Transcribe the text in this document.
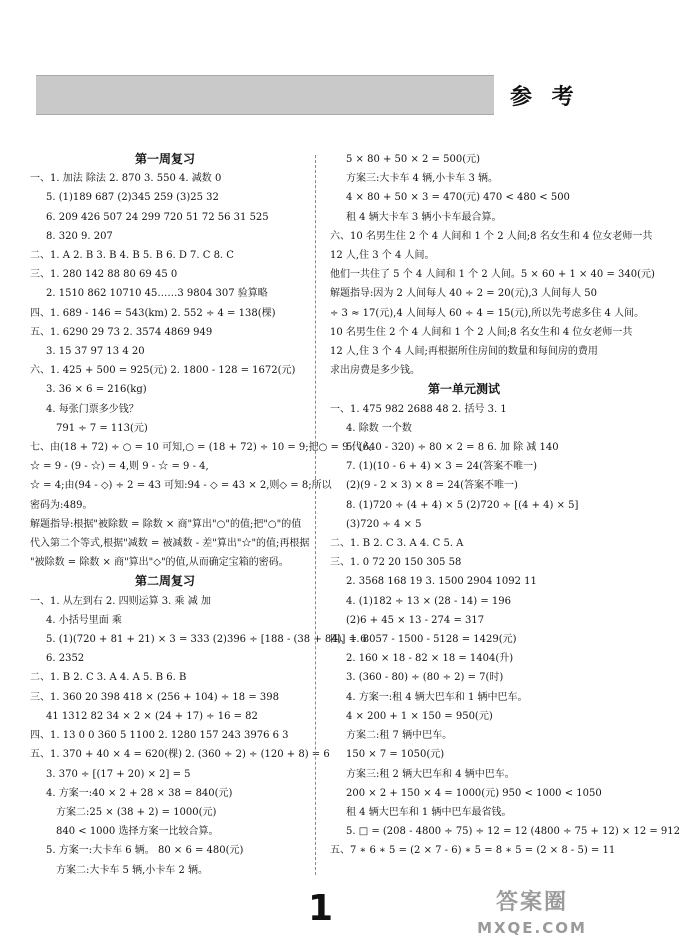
参 考
第一周复习
一、1. 加法 除法 2. 870 3. 550 4. 减数 0
5. (1)189 687 (2)345 259 (3)25 32
6. 209 426 507 24 299 720 51 72 56 31 525
8. 320 9. 207
二、1. A 2. B 3. B 4. B 5. B 6. D 7. C 8. C
三、1. 280 142 88 80 69 45 0
2. 1510 862 10710 45……3 9804 307 验算略
四、1. 689 - 146 = 543(km) 2. 552 ÷ 4 = 138(棵)
五、1. 6290 29 73 2. 3574 4869 949
3. 15 37 97 13 4 20
六、1. 425 + 500 = 925(元) 2. 1800 - 128 = 1672(元)
3. 36 × 6 = 216(kg)
4. 每张门票多少钱？
791 ÷ 7 = 113(元)
七、由(18 + 72) ÷ ○ = 10 可知,○ = (18 + 72) ÷ 10 = 9;把○ = 9 代入
☆ = 9 - (9 - ☆) = 4,则 9 - ☆ = 9 - 4,
☆ = 4;由(94 - ◇) ÷ 2 = 43 可知:94 - ◇ = 43 × 2,则◇ = 8;所以
密码为:489。
解题指导:根据"被除数 = 除数 × 商"算出"○"的值;把"○"的值
代入第二个等式,根据"减数 = 被减数 - 差"算出"☆"的值;再根据
"被除数 = 除数 × 商"算出"◇"的值,从而确定宝箱的密码。
第二周复习
一、1. 从左到右 2. 四则运算 3. 乘 减 加
4. 小括号里面 乘
5. (1)(720 + 81 + 21) × 3 = 333 (2)396 ÷ [188 - (38 + 84)] = 6
6. 2352
二、1. B 2. C 3. A 4. A 5. B 6. B
三、1. 360 20 398 418 × (256 + 104) ÷ 18 = 398
41 1312 82 34 × 2 × (24 + 17) ÷ 16 = 82
四、1. 13 0 0 360 5 1100 2. 1280 157 243 3976 6 3
五、1. 370 + 40 × 4 = 620(棵) 2. (360 ÷ 2) ÷ (120 + 8) = 6
3. 370 ÷ [(17 + 20) × 2] = 5
4. 方案一:40 × 2 + 28 × 38 = 840(元)
方案二:25 × (38 + 2) = 1000(元)
840 < 1000 选择方案一比较合算。
5. 方案一:大卡车 6 辆。 80 × 6 = 480(元)
方案二:大卡车 5 辆,小卡车 2 辆。
5 × 80 + 50 × 2 = 500(元)
方案三:大卡车 4 辆,小卡车 3 辆。
4 × 80 + 50 × 3 = 470(元) 470 < 480 < 500
租 4 辆大卡车 3 辆小卡车最合算。
六、10 名男生住 2 个 4 人间和 1 个 2 人间;8 名女生和 4 位女老师一共
12 人,住 3 个 4 人间。
他们一共住了 5 个 4 人间和 1 个 2 人间。5 × 60 + 1 × 40 = 340(元)
解题指导:因为 2 人间每人 40 ÷ 2 = 20(元),3 人间每人 50
÷ 3 ≈ 17(元),4 人间每人 60 ÷ 4 = 15(元),所以先考虑多住 4 人间。
10 名男生住 2 个 4 人间和 1 个 2 人间;8 名女生和 4 位女老师一共
12 人,住 3 个 4 人间;再根据所住房间的数量和每间房的费用
求出房费是多少钱。
第一单元测试
一、1. 475 982 2688 48 2. 括号 3. 1
4. 除数 一个数
5. (640 - 320) ÷ 80 × 2 = 8 6. 加 除 减 140
7. (1)(10 - 6 + 4) × 3 = 24(答案不唯一)
(2)(9 - 2 × 3) × 8 = 24(答案不唯一)
8. (1)720 ÷ (4 + 4) × 5 (2)720 ÷ [(4 + 4) × 5]
(3)720 ÷ 4 × 5
二、1. B 2. C 3. A 4. C 5. A
三、1. 0 72 20 150 305 58
2. 3568 168 19 3. 1500 2904 1092 11
4. (1)182 ÷ 13 × (28 - 14) = 196
(2)6 + 45 × 13 - 274 = 317
四、1. 8057 - 1500 - 5128 = 1429(元)
2. 160 × 18 - 82 × 18 = 1404(升)
3. (360 - 80) ÷ (80 ÷ 2) = 7(时)
4. 方案一:租 4 辆大巴车和 1 辆中巴车。
4 × 200 + 1 × 150 = 950(元)
方案二:租 7 辆中巴车。
150 × 7 = 1050(元)
方案三:租 2 辆大巴车和 4 辆中巴车。
200 × 2 + 150 × 4 = 1000(元) 950 < 1000 < 1050
租 4 辆大巴车和 1 辆中巴车最省钱。
5. □ = (208 - 4800 ÷ 75) ÷ 12 = 12 (4800 ÷ 75 + 12) × 12 = 912
五、7 ∗ 6 ∗ 5 = (2 × 7 - 6) ∗ 5 = 8 ∗ 5 = (2 × 8 - 5) = 11
1	答案圈
MXQE.COM
